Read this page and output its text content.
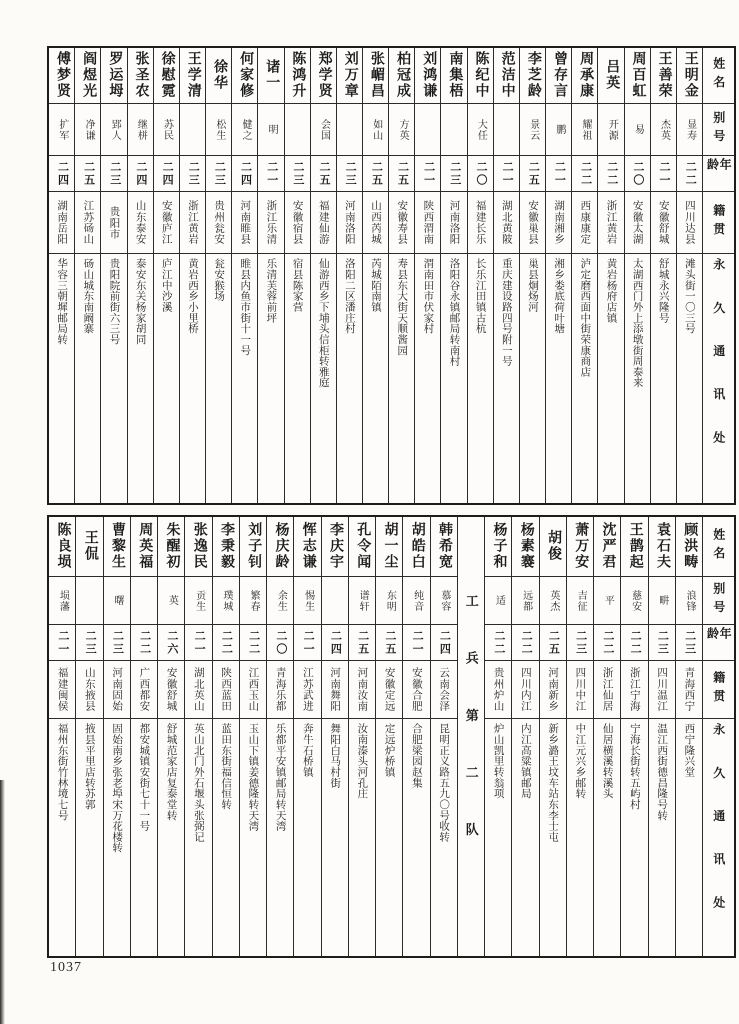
姓名
别号
年龄
籍贯
永久通讯处
王明金
显寿
二二
四川达县
滩头街一〇三号
王善荣
杰英
二一
安徽舒城
舒城永兴隆号
周百虹
易
二〇
安徽太湖
太湖西门外上添墩街周泰来
吕英
开源
二二
浙江黄岩
黄岩杨府店镇
周承康
耀祖
二二
西康康定
泸定磨西面中街荣康商店
曾存言
鹏
二一
湖南湘乡
湘乡娄底荷叶塘
李芝龄
景云
二五
安徽巢县
巢县炯炀河
范洁中
二一
湖北黄陂
重庆建设路四号附一号
陈纪中
大任
二〇
福建长乐
长乐江田镇古杭
南集梧
二三
河南洛阳
洛阳谷永镇邮局转南村
刘鸿谦
二一
陕西渭南
渭南田市伏家村
柏冠成
方英
二五
安徽寿县
寿县东大街天顺酱园
张嵋昌
如山
二五
山西芮城
芮城陌南镇
刘万章
二三
河南洛阳
洛阳二区潘庄村
郑学贤
会国
二五
福建仙游
仙游西乡下埔头信柜转雅庭
陈鸿升
二三
安徽宿县
宿县陈家营
诸一
明
二一
浙江乐清
乐清芙蓉前坪
何家修
健之
二四
河南睢县
睢县内鱼市街十一号
徐华
松生
二三
贵州瓮安
瓮安猴场
王学清
二三
浙江黄岩
黄岩西乡小里桥
徐慰霓
苏民
二四
安徽庐江
庐江中沙溪
张圣农
继栟
二四
山东泰安
泰安东关杨家胡同
罗运坶
郢人
二三
贵阳市
贵阳院前街六三号
阎煜光
净谦
二五
江苏砀山
砀山城东南阚寨
傅梦贤
扩军
二四
湖南岳阳
华容三朝墀邮局转
姓名
别号
年龄
籍贯
永久通讯处
顾洪畴
浪锋
二三
青海西宁
西宁隆兴堂
袁石夫
畊
二三
四川温江
温江西街德昌隆号转
王鹊起
慈安
二二
浙江宁海
宁海长街转五屿村
沈严君
平
二二
浙江仙居
仙居横溪转溪头
萧万安
吉征
二三
四川中江
中江元兴乡邮转
胡俊
英杰
二五
河南新乡
新乡潞王坟车站东李士屯
杨素褰
远都
二二
四川内江
内江高粱镇邮局
杨子和
适
二二
贵州炉山
炉山凯里转翁项
工兵第二队
韩希宽
慕容
二四
云南会泽
昆明正义路五九〇号收转
胡皓白
纯音
二一
安徽合肥
合肥梁园赵集
胡一尘
东明
二五
安徽定远
定远炉桥镇
孔令闻
谱轩
二五
河南汝南
汝南溱头河孔庄
李庆宇
二四
河南舞阳
舞阳白马村街
恽志谦
惕生
二一
江苏武进
奔牛石桥镇
杨庆龄
余生
二〇
青海乐都
乐都平安镇邮局转天湾
刘子钊
繁春
二二
江西玉山
玉山下镇姜德隆转天湾
李秉毅
璞城
二二
陕西蓝田
蓝田东街福信恒转
张逸民
贡生
二一
湖北英山
英山北门外石堰头张弼记
朱醒初
英
二六
安徽舒城
舒城范家店复泰堂转
周英福
二二
广西都安
都安城镇安街七十一号
曹黎生
曙
二三
河南固始
固始南乡张老埠宋万花楼转
王侃
二三
山东掖县
掖县平里店转苏郭
陈良埙
埙藩
二一
福建闽侯
福州东街竹林境七号
1037
